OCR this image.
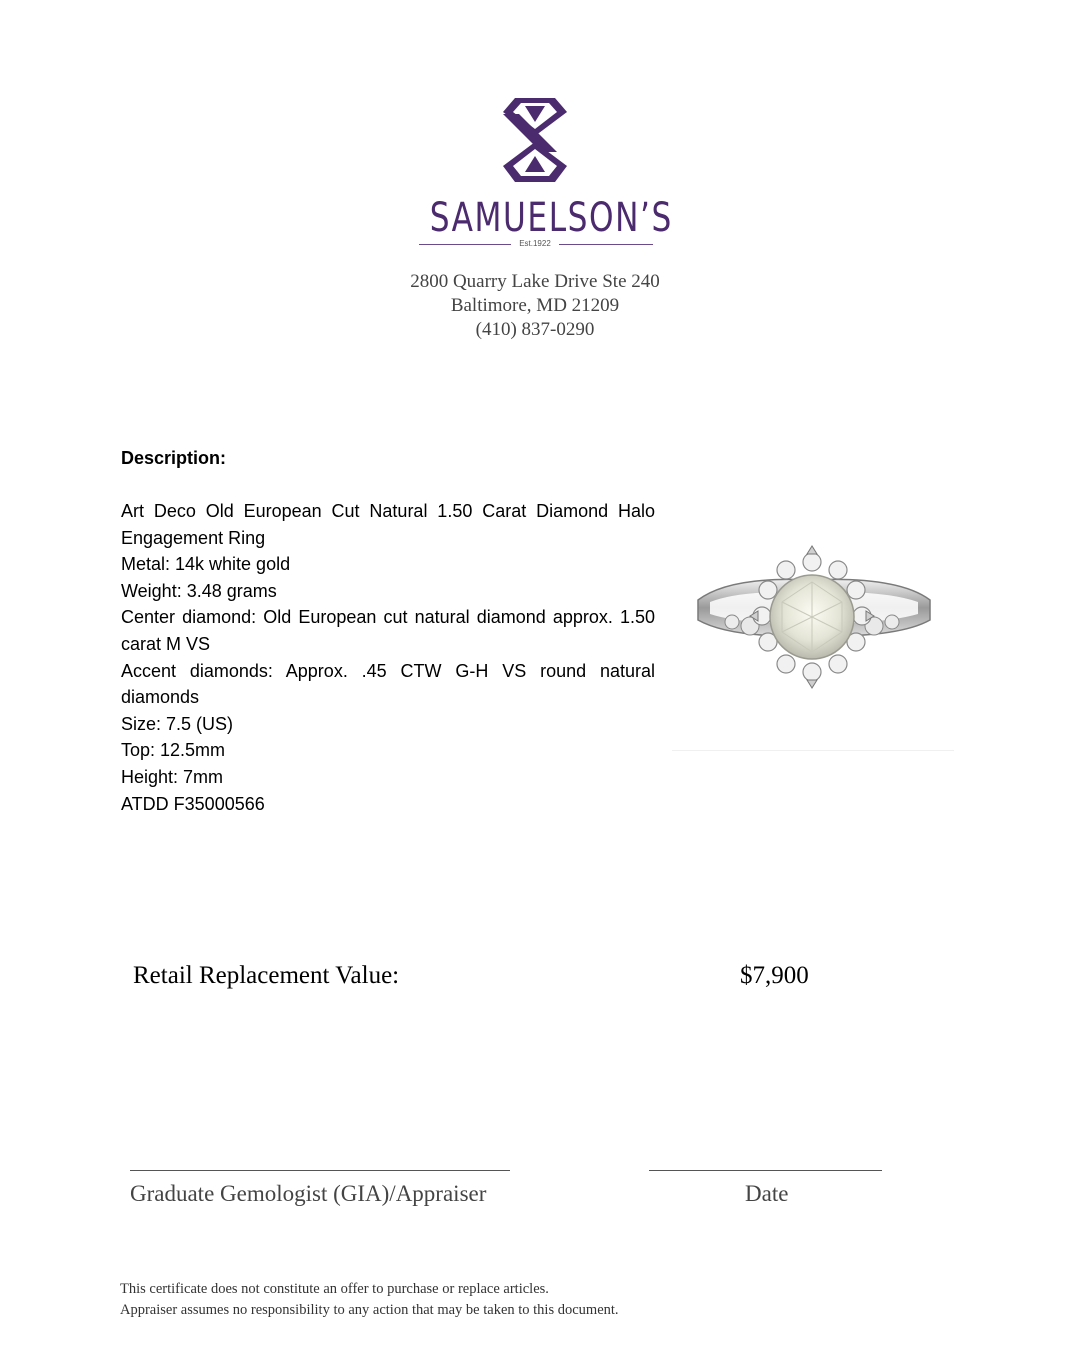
SAMUELSON’S
Est.1922
2800 Quarry Lake Drive Ste 240
Baltimore, MD 21209
(410) 837-0290
Description:
Art Deco Old European Cut Natural 1.50 Carat Diamond Halo Engagement Ring
Metal: 14k white gold
Weight: 3.48 grams
Center diamond: Old European cut natural diamond approx. 1.50 carat M VS
Accent diamonds: Approx. .45 CTW G-H VS round natural diamonds
Size: 7.5 (US)
Top: 12.5mm
Height: 7mm
ATDD F35000566
Retail Replacement Value:	$7,900
Graduate Gemologist (GIA)/Appraiser	Date
This certificate does not constitute an offer to purchase or replace articles.
Appraiser assumes no responsibility to any action that may be taken to this document.
